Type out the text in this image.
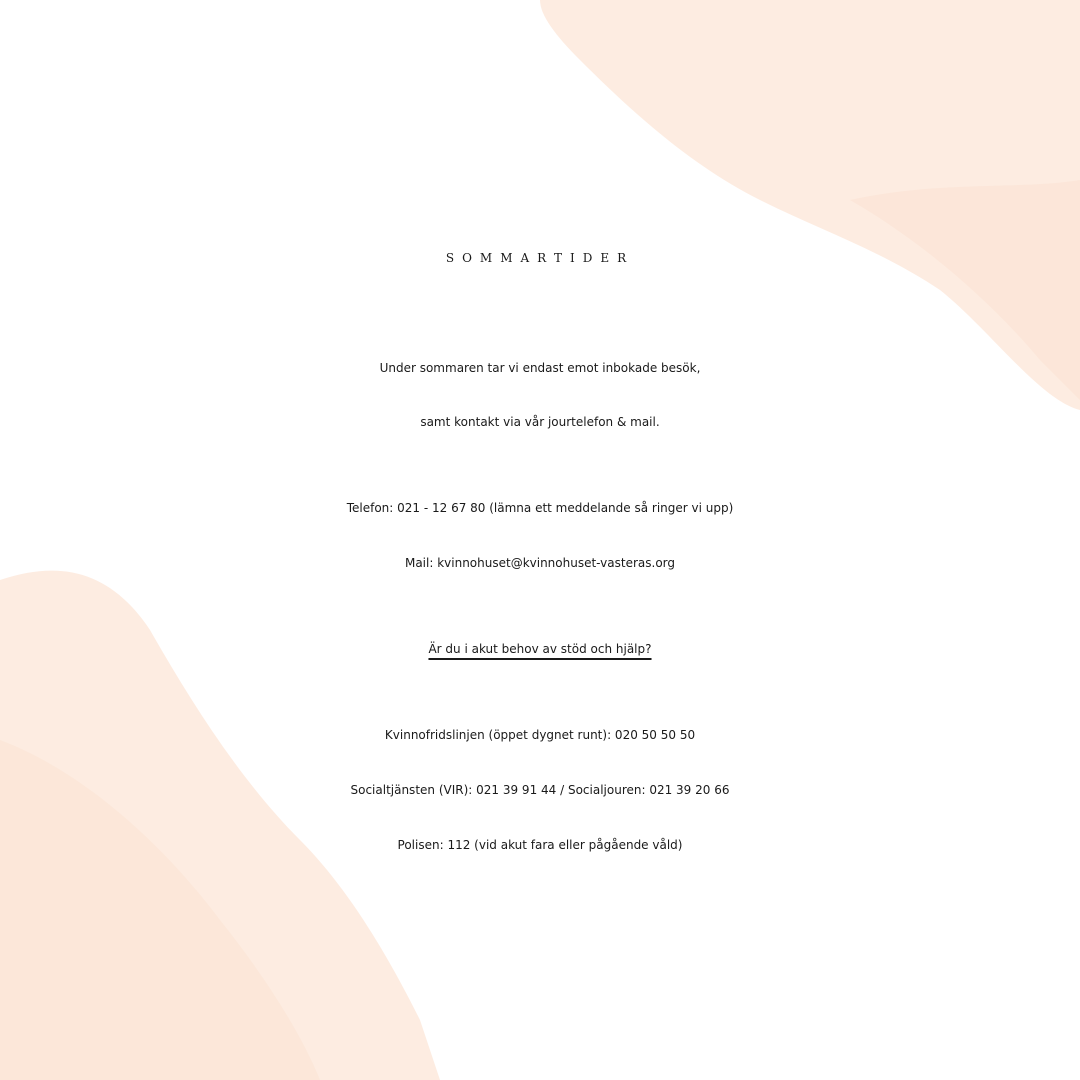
SOMMARTIDER
Under sommaren tar vi endast emot inbokade besök,
samt kontakt via vår jourtelefon & mail.
Telefon: 021 - 12 67 80 (lämna ett meddelande så ringer vi upp)
Mail: kvinnohuset@kvinnohuset-vasteras.org
Är du i akut behov av stöd och hjälp?
Kvinnofridslinjen (öppet dygnet runt): 020 50 50 50
Socialtjänsten (VIR): 021 39 91 44 / Socialjouren: 021 39 20 66
Polisen: 112 (vid akut fara eller pågående våld)
